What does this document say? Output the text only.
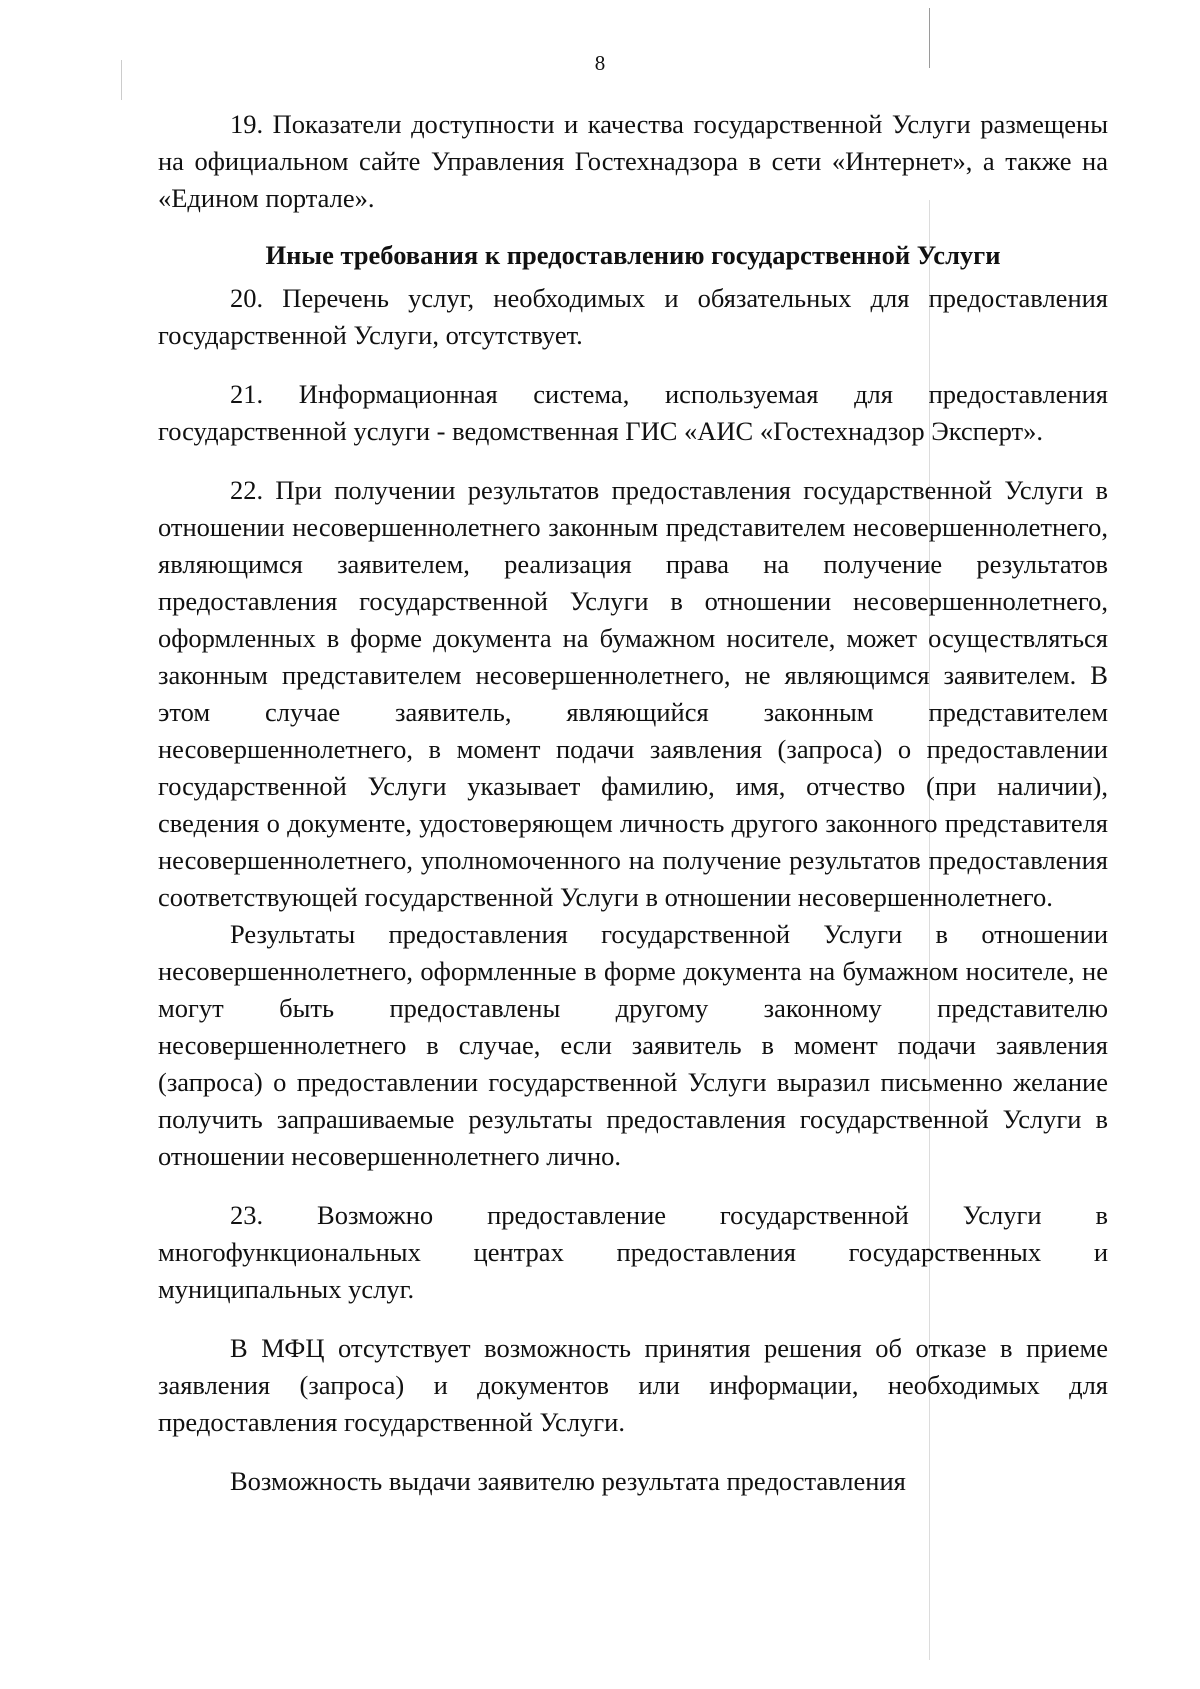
8

19. Показатели доступности и качества государственной Услуги размещены на официальном сайте Управления Гостехнадзора в сети «Интернет», а также на «Едином портале».

Иные требования к предоставлению государственной Услуги

20. Перечень услуг, необходимых и обязательных для предоставления государственной Услуги, отсутствует.

21. Информационная система, используемая для предоставления государственной услуги - ведомственная ГИС «АИС «Гостехнадзор Эксперт».

22. При получении результатов предоставления государственной Услуги в отношении несовершеннолетнего законным представителем несовершеннолетнего, являющимся заявителем, реализация права на получение результатов предоставления государственной Услуги в отношении несовершеннолетнего, оформленных в форме документа на бумажном носителе, может осуществляться законным представителем несовершеннолетнего, не являющимся заявителем. В этом случае заявитель, являющийся законным представителем несовершеннолетнего, в момент подачи заявления (запроса) о предоставлении государственной Услуги указывает фамилию, имя, отчество (при наличии), сведения о документе, удостоверяющем личность другого законного представителя несовершеннолетнего, уполномоченного на получение результатов предоставления соответствующей государственной Услуги в отношении несовершеннолетнего.

Результаты предоставления государственной Услуги в отношении несовершеннолетнего, оформленные в форме документа на бумажном носителе, не могут быть предоставлены другому законному представителю несовершеннолетнего в случае, если заявитель в момент подачи заявления (запроса) о предоставлении государственной Услуги выразил письменно желание получить запрашиваемые результаты предоставления государственной Услуги в отношении несовершеннолетнего лично.

23. Возможно предоставление государственной Услуги в многофункциональных центрах предоставления государственных и муниципальных услуг.

В МФЦ отсутствует возможность принятия решения об отказе в приеме заявления (запроса) и документов или информации, необходимых для предоставления государственной Услуги.

Возможность выдачи заявителю результата предоставления
